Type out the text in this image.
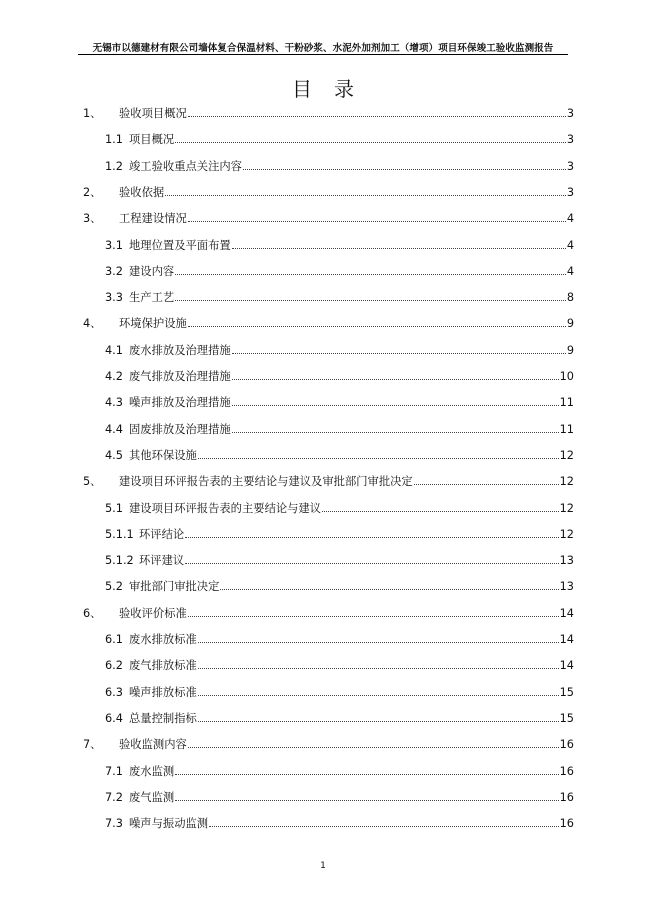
无锡市以德建材有限公司墙体复合保温材料、干粉砂浆、水泥外加剂加工（增项）项目环保竣工验收监测报告
目录
1、	验收项目概况	3
1.1 项目概况	3
1.2 竣工验收重点关注内容	3
2、	验收依据	3
3、	工程建设情况	4
3.1 地理位置及平面布置	4
3.2 建设内容	4
3.3 生产工艺	8
4、	环境保护设施	9
4.1 废水排放及治理措施	9
4.2 废气排放及治理措施	10
4.3 噪声排放及治理措施	11
4.4 固废排放及治理措施	11
4.5 其他环保设施	12
5、	建设项目环评报告表的主要结论与建议及审批部门审批决定	12
5.1 建设项目环评报告表的主要结论与建议	12
5.1.1 环评结论	12
5.1.2 环评建议	13
5.2 审批部门审批决定	13
6、	验收评价标准	14
6.1 废水排放标准	14
6.2 废气排放标准	14
6.3 噪声排放标准	15
6.4 总量控制指标	15
7、	验收监测内容	16
7.1 废水监测	16
7.2 废气监测	16
7.3 噪声与振动监测	16
1
